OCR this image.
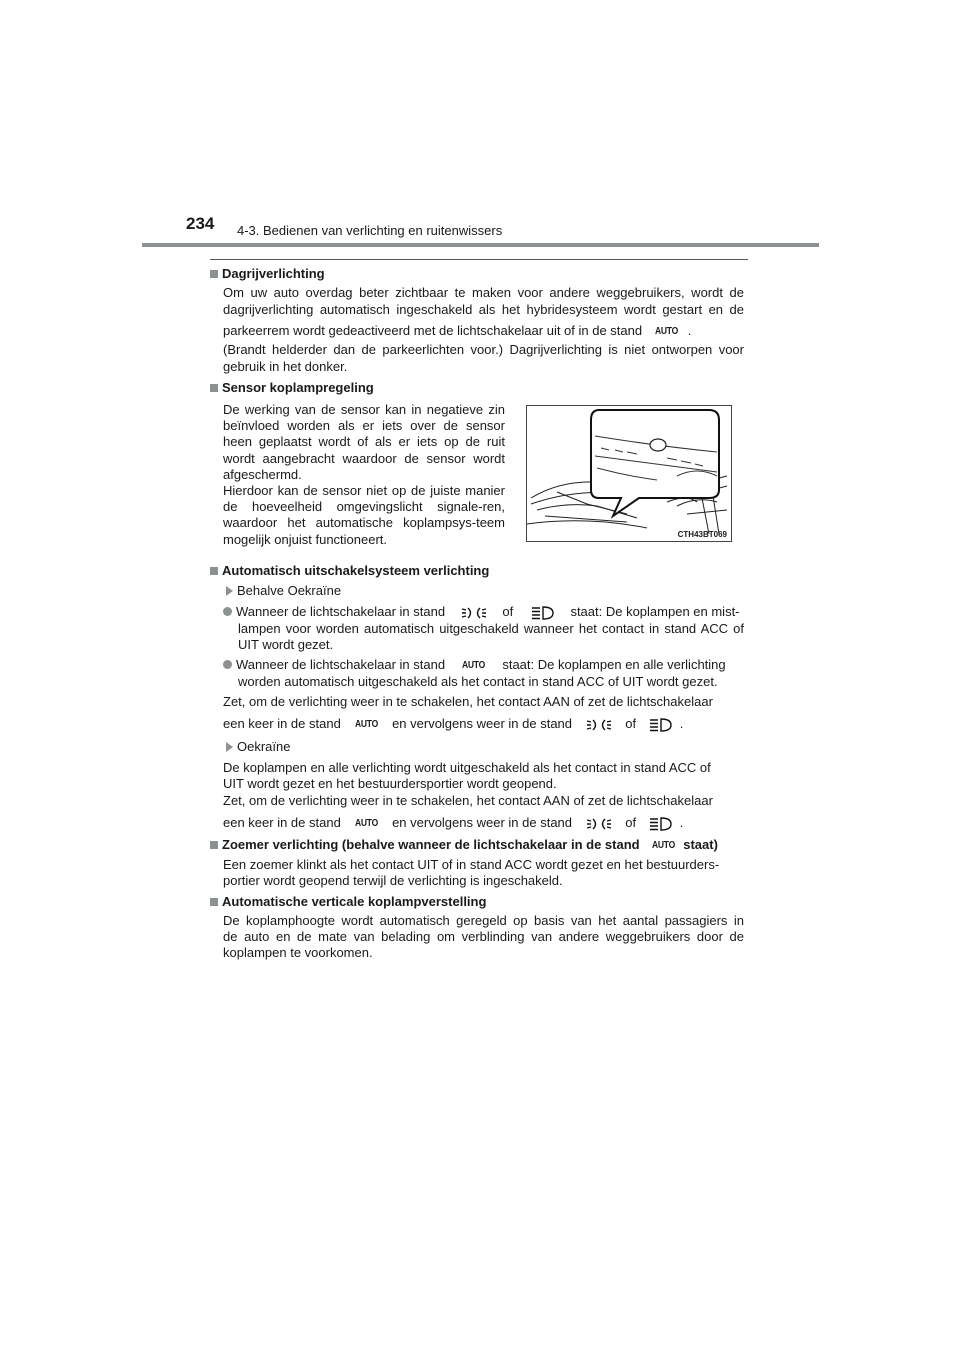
234 4-3. Bedienen van verlichting en ruitenwissers
Dagrijverlichting
Om uw auto overdag beter zichtbaar te maken voor andere weggebruikers, wordt de
dagrijverlichting automatisch ingeschakeld als het hybridesysteem wordt gestart en de
parkeerrem wordt gedeactiveerd met de lichtschakelaar uit of in de stand AUTO .
(Brandt helderder dan de parkeerlichten voor.) Dagrijverlichting is niet ontworpen voor
gebruik in het donker.
Sensor koplampregeling
De werking van de sensor kan in negatieve zin beïnvloed worden als er iets over de sensor heen geplaatst wordt of als er iets op de ruit wordt aangebracht waardoor de sensor wordt afgeschermd.
Hierdoor kan de sensor niet op de juiste manier de hoeveelheid omgevingslicht signale-ren, waardoor het automatische koplampsys-teem mogelijk onjuist functioneert.	CTH43BT069
Automatisch uitschakelsysteem verlichting
Behalve Oekraïne
Wanneer de lichtschakelaar in stand	of	staat: De koplampen en mist-
lampen voor worden automatisch uitgeschakeld wanneer het contact in stand ACC of
UIT wordt gezet.
Wanneer de lichtschakelaar in stand AUTO staat: De koplampen en alle verlichting
worden automatisch uitgeschakeld als het contact in stand ACC of UIT wordt gezet.
Zet, om de verlichting weer in te schakelen, het contact AAN of zet de lichtschakelaar
een keer in de stand AUTO en vervolgens weer in de stand	of	.
Oekraïne
De koplampen en alle verlichting wordt uitgeschakeld als het contact in stand ACC of
UIT wordt gezet en het bestuurdersportier wordt geopend.
Zet, om de verlichting weer in te schakelen, het contact AAN of zet de lichtschakelaar
een keer in de stand AUTO en vervolgens weer in de stand	of	.
Zoemer verlichting (behalve wanneer de lichtschakelaar in de stand AUTO staat)
Een zoemer klinkt als het contact UIT of in stand ACC wordt gezet en het bestuurders-
portier wordt geopend terwijl de verlichting is ingeschakeld.
Automatische verticale koplampverstelling
De koplamphoogte wordt automatisch geregeld op basis van het aantal passagiers in
de auto en de mate van belading om verblinding van andere weggebruikers door de
koplampen te voorkomen.
